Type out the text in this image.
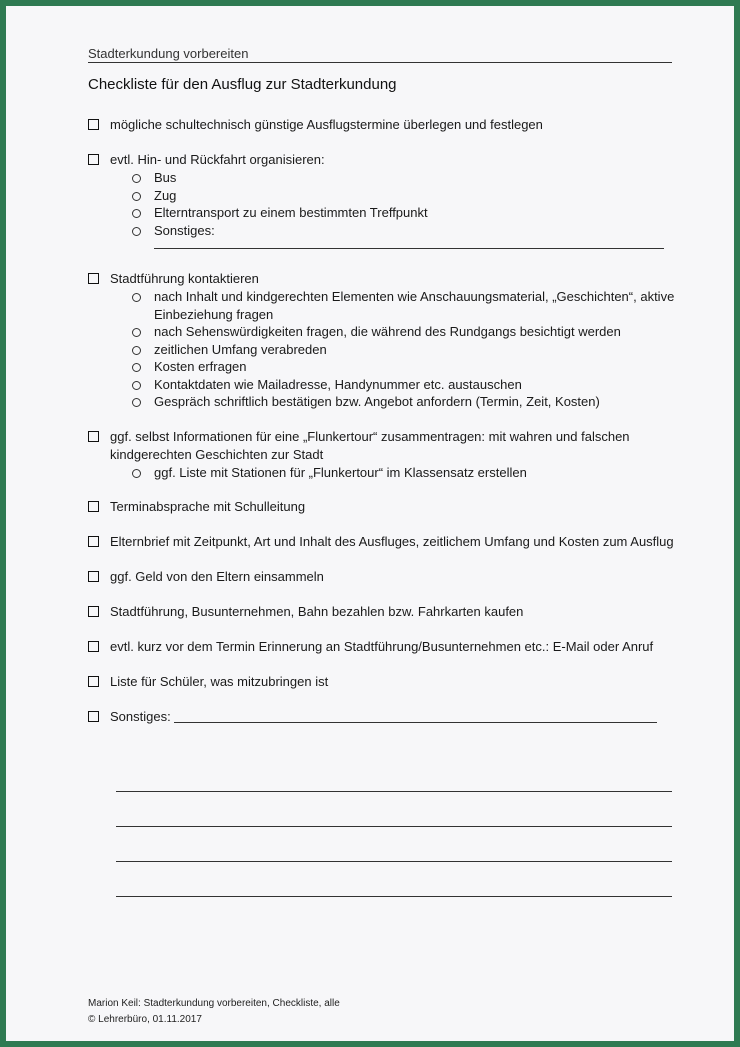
Stadterkundung vorbereiten
Checkliste für den Ausflug zur Stadterkundung
mögliche schultechnisch günstige Ausflugstermine überlegen und festlegen
evtl. Hin- und Rückfahrt organisieren:
Bus
Zug
Elterntransport zu einem bestimmten Treffpunkt
Sonstiges:
Stadtführung kontaktieren
nach Inhalt und kindgerechten Elementen wie Anschauungsmaterial, „Geschichten“, aktive Einbeziehung fragen
nach Sehenswürdigkeiten fragen, die während des Rundgangs besichtigt werden
zeitlichen Umfang verabreden
Kosten erfragen
Kontaktdaten wie Mailadresse, Handynummer etc. austauschen
Gespräch schriftlich bestätigen bzw. Angebot anfordern (Termin, Zeit, Kosten)
ggf. selbst Informationen für eine „Flunkertour“ zusammentragen: mit wahren und falschen kindgerechten Geschichten zur Stadt
ggf. Liste mit Stationen für „Flunkertour“ im Klassensatz erstellen
Terminabsprache mit Schulleitung
Elternbrief mit Zeitpunkt, Art und Inhalt des Ausfluges, zeitlichem Umfang und Kosten zum Ausflug
ggf. Geld von den Eltern einsammeln
Stadtführung, Busunternehmen, Bahn bezahlen bzw. Fahrkarten kaufen
evtl. kurz vor dem Termin Erinnerung an Stadtführung/Busunternehmen etc.: E-Mail oder Anruf
Liste für Schüler, was mitzubringen ist
Sonstiges:
Marion Keil: Stadterkundung vorbereiten, Checkliste, alle
© Lehrerbüro, 01.11.2017
